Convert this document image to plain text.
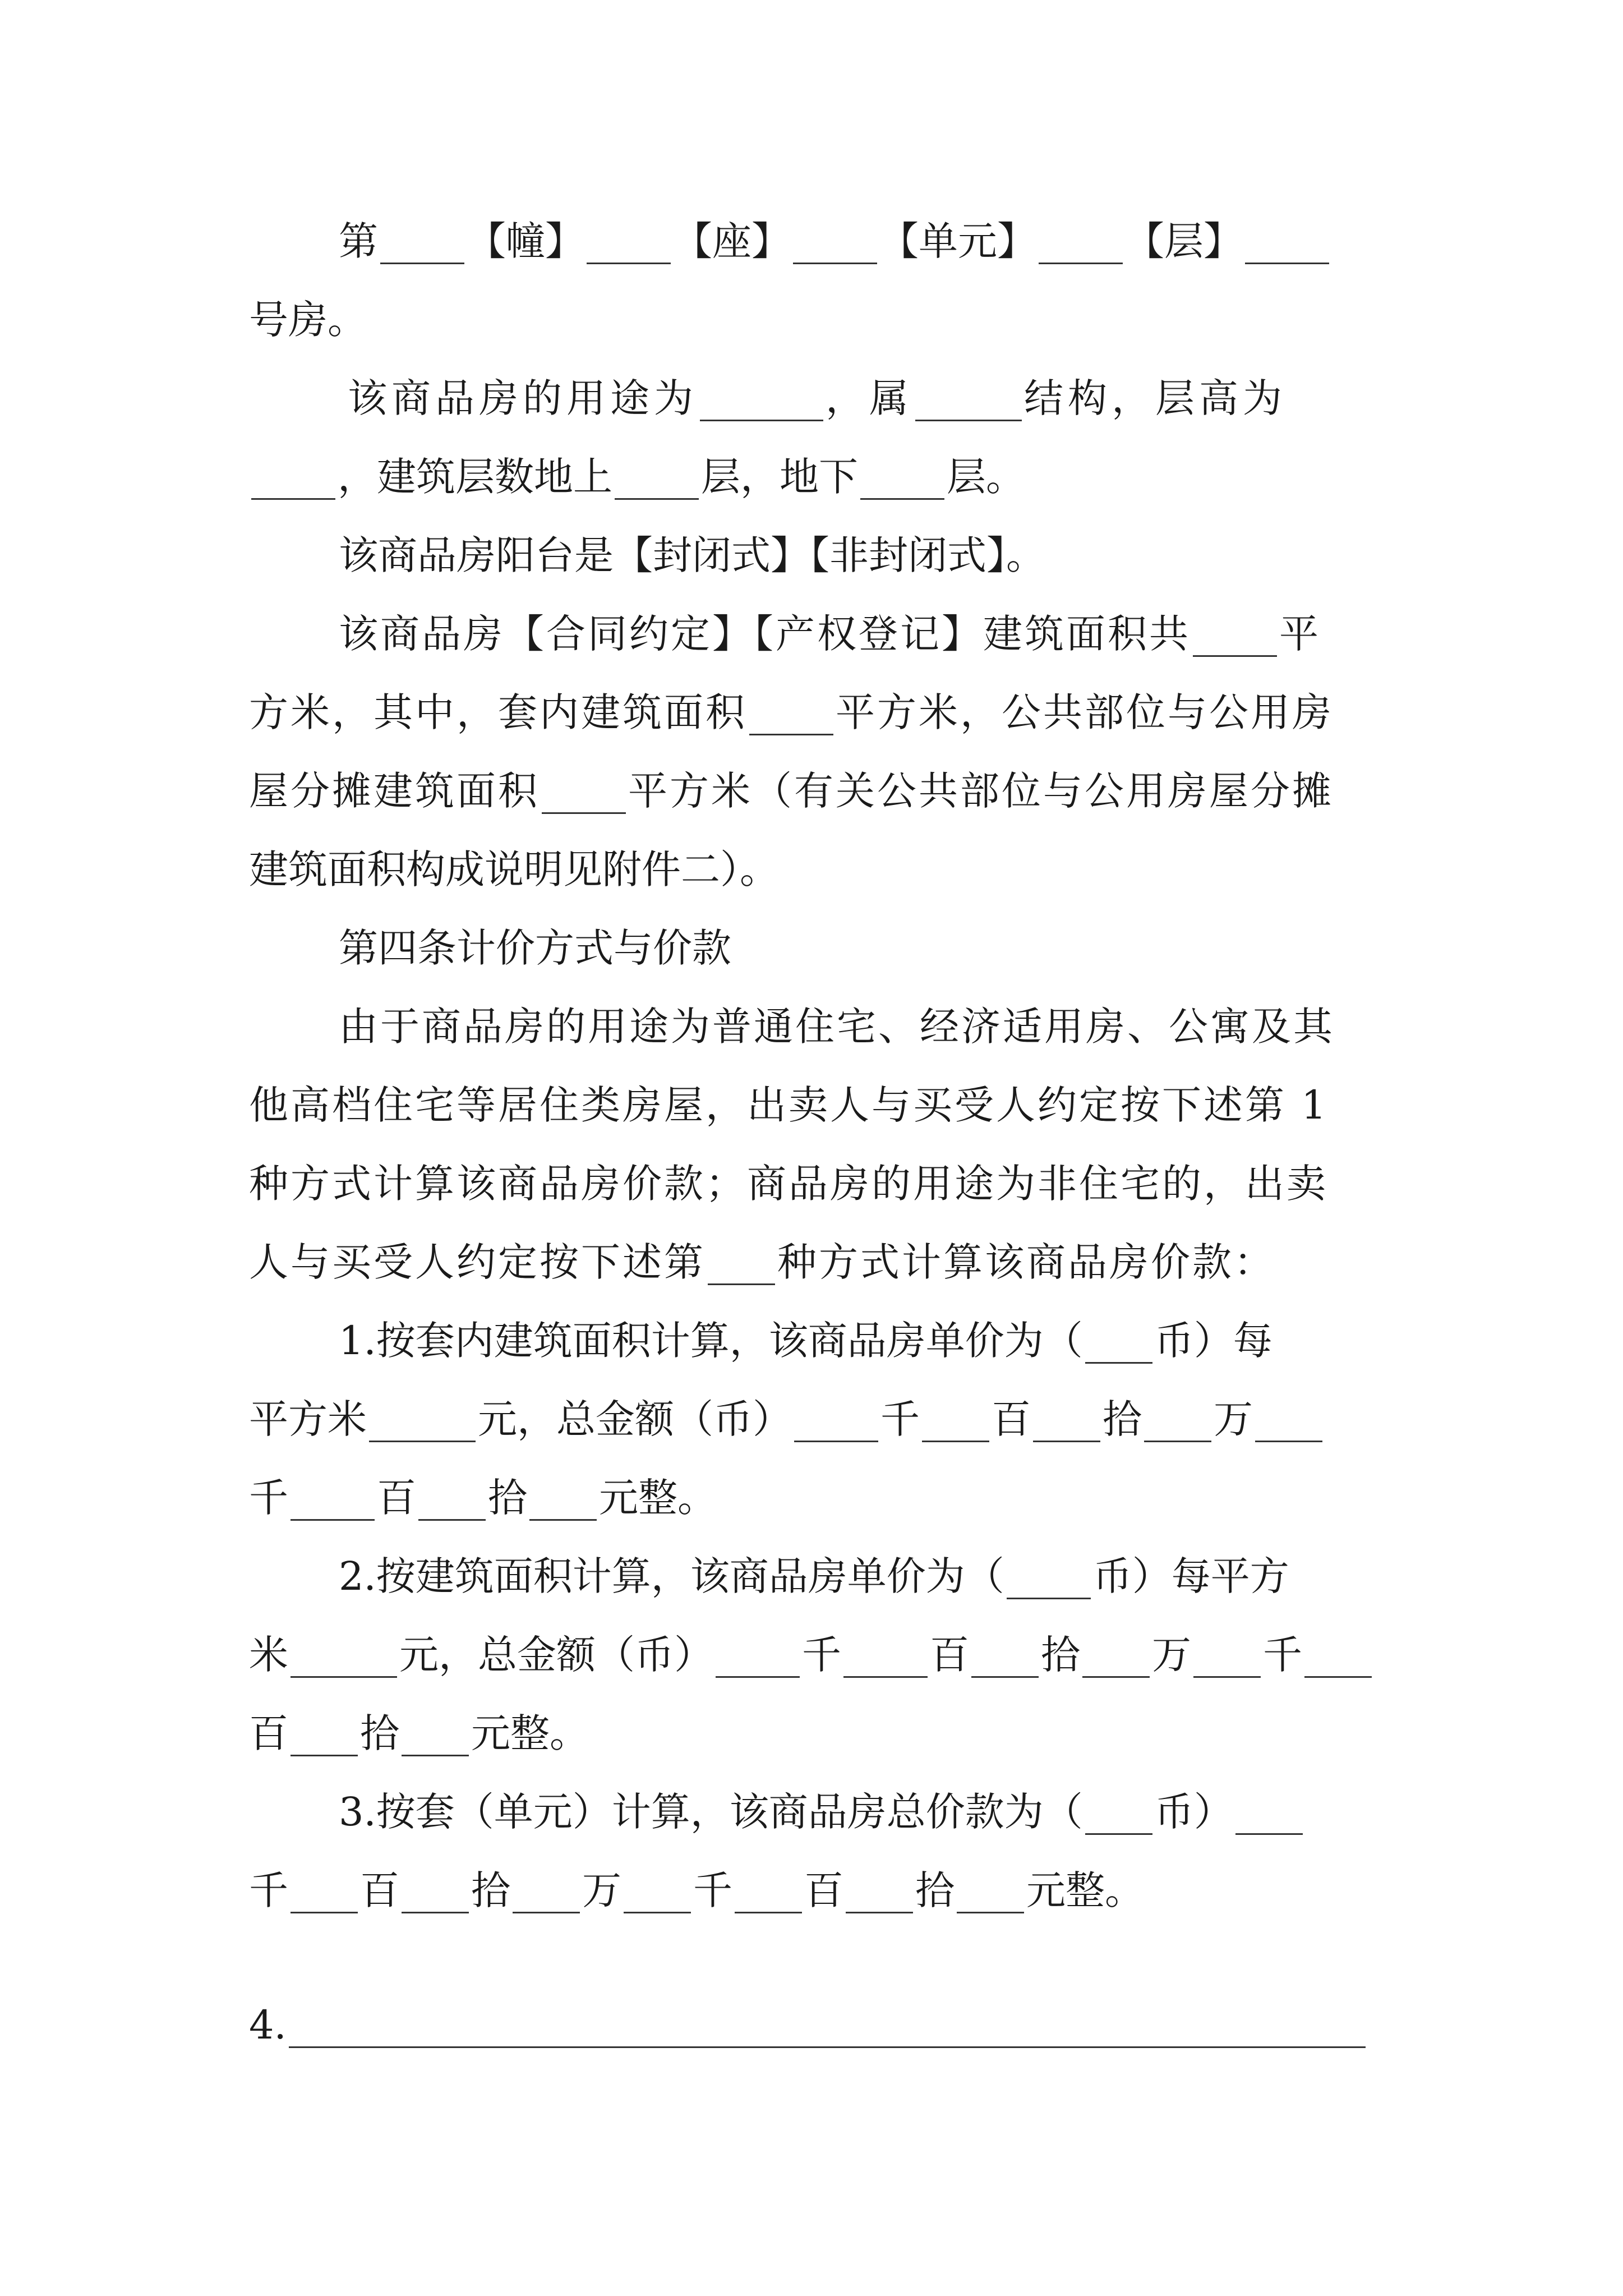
第 【幢】 【座】 【单元】 【层】
号房。
该商品房的用途为	，属	结构，层高为
，建筑层数地上 层，地下 层。
该商品房阳台是【封闭式】【非封闭式】。
该商品房【合同约定】【产权登记】建筑面积共 平
方米，其中，套内建筑面积 平方米，公共部位与公用房
屋分摊建筑面积 平方米（有关公共部位与公用房屋分摊
建筑面积构成说明见附件二）。
第四条计价方式与价款
由于商品房的用途为普通住宅、经济适用房、公寓及其
他高档住宅等居住类房屋，出卖人与买受人约定按下述第 1
种方式计算该商品房价款；商品房的用途为非住宅的，出卖
人与买受人约定按下述第 种方式计算该商品房价款：
1.按套内建筑面积计算，该商品房单价为（ 币）每
平方米	元，总金额（币） 千 百 拾 万
千 百 拾 元整。
2.按建筑面积计算，该商品房单价为（ 币）每平方
米	元，总金额（币） 千 百 拾 万 千
百 拾 元整。
3.按套（单元）计算，该商品房总价款为（ 币）
千 百 拾 万 千 百 拾 元整。
4.
